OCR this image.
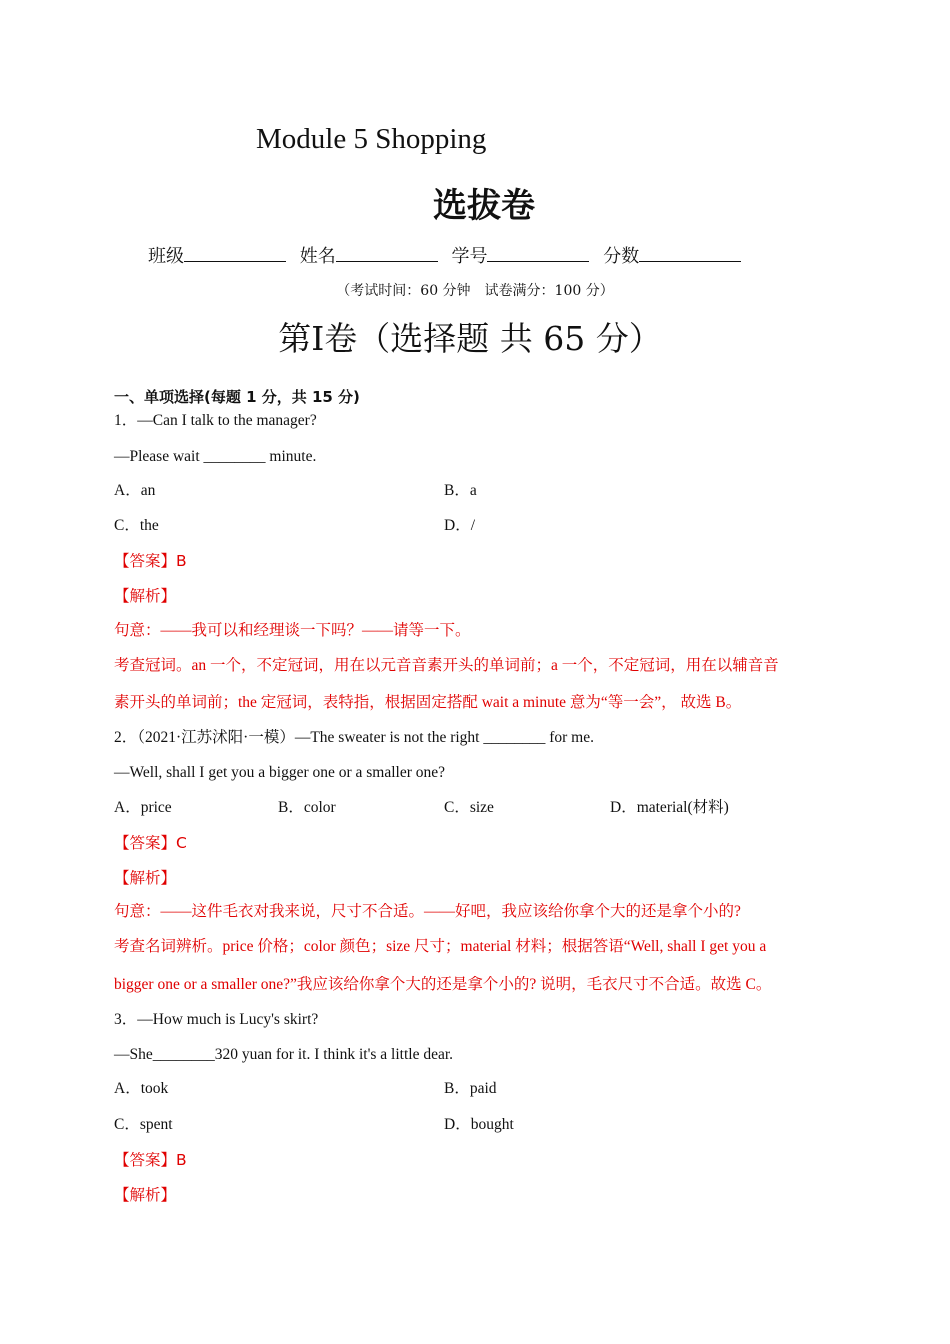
Module 5 Shopping
选拔卷
班级	姓名	学号	分数
（考试时间：60 分钟　试卷满分：100 分）
第Ⅰ卷（选择题 共 65 分）
一、单项选择(每题 1 分，共 15 分)
1．—Can I talk to the manager?
—Please wait ________ minute.
A．an	B．a
C．the	D．/
【答案】B
【解析】
句意：——我可以和经理谈一下吗？——请等一下。
考查冠词。an 一个，不定冠词，用在以元音音素开头的单词前；a 一个，不定冠词，用在以辅音音
素开头的单词前；the 定冠词，表特指，根据固定搭配 wait a minute 意为“等一会”， 故选 B。
2．（2021·江苏沭阳·一模）—The sweater is not the right ________ for me.
—Well, shall I get you a bigger one or a smaller one?
A．price	B．color	C．size	D．material(材料)
【答案】C
【解析】
句意：——这件毛衣对我来说，尺寸不合适。——好吧，我应该给你拿个大的还是拿个小的?
考查名词辨析。price 价格；color 颜色；size 尺寸；material 材料；根据答语“Well, shall I get you a
bigger one or a smaller one?”我应该给你拿个大的还是拿个小的? 说明，毛衣尺寸不合适。故选 C。
3．—How much is Lucy's skirt?
—She________320 yuan for it. I think it's a little dear.
A．took	B．paid
C．spent	D．bought
【答案】B
【解析】
